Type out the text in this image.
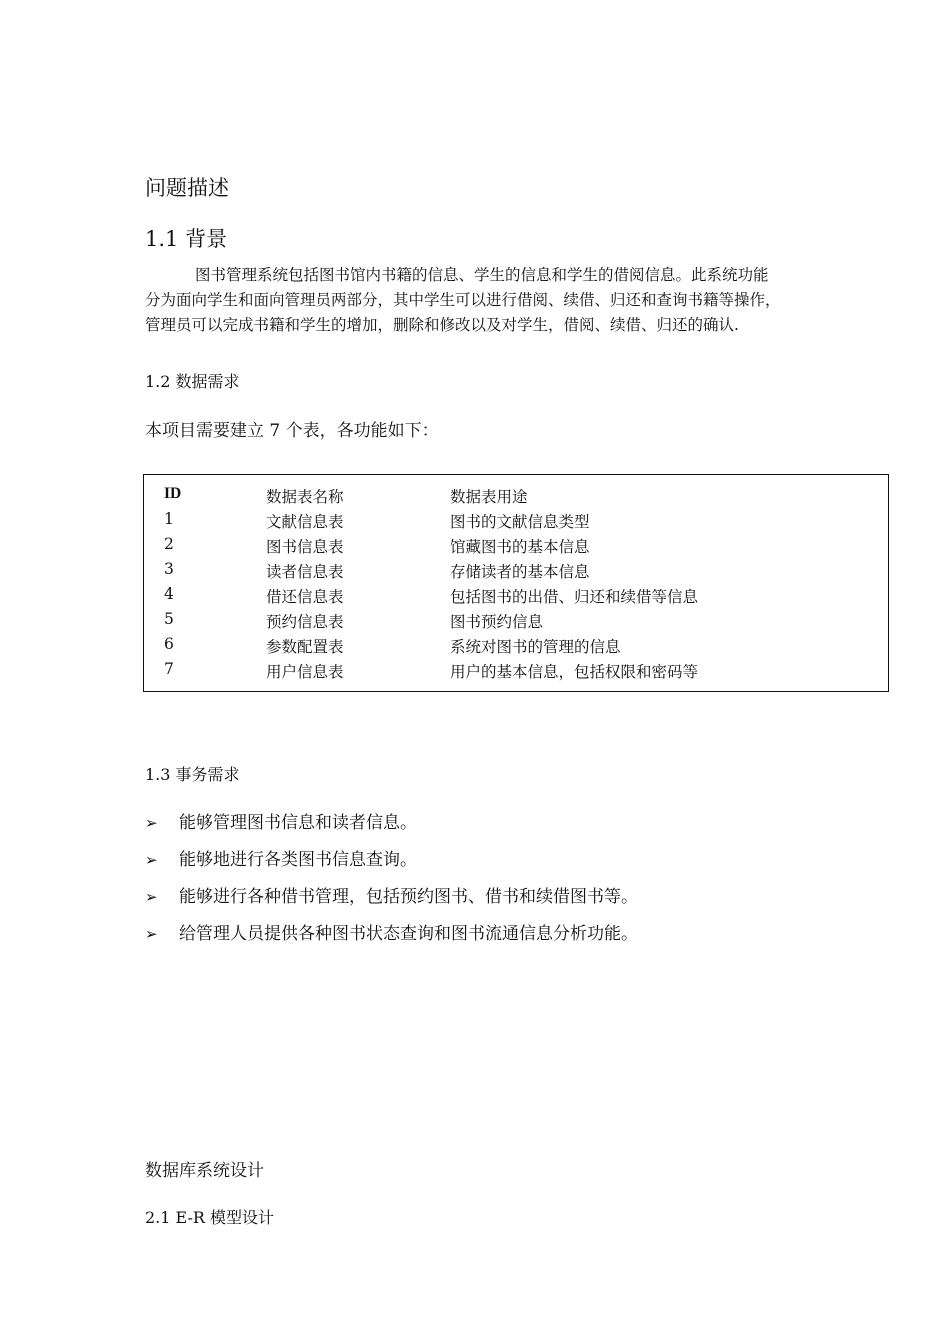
问题描述
1.1 背景

图书管理系统包括图书馆内书籍的信息、学生的信息和学生的借阅信息。此系统功能

分为面向学生和面向管理员两部分，其中学生可以进行借阅、续借、归还和查询书籍等操作，

管理员可以完成书籍和学生的增加，删除和修改以及对学生，借阅、续借、归还的确认.

1.2 数据需求
本项目需要建立 7 个表，各功能如下：
ID	数据表名称	数据表用途
1	文献信息表	图书的文献信息类型
2	图书信息表	馆藏图书的基本信息
3	读者信息表	存储读者的基本信息
4	借还信息表	包括图书的出借、归还和续借等信息
5	预约信息表	图书预约信息
6	参数配置表	系统对图书的管理的信息
7	用户信息表	用户的基本信息，包括权限和密码等
1.3 事务需求
➢ 能够管理图书信息和读者信息。
➢ 能够地进行各类图书信息查询。
➢ 能够进行各种借书管理，包括预约图书、借书和续借图书等。
➢ 给管理人员提供各种图书状态查询和图书流通信息分析功能。
数据库系统设计
2.1 E-R 模型设计
